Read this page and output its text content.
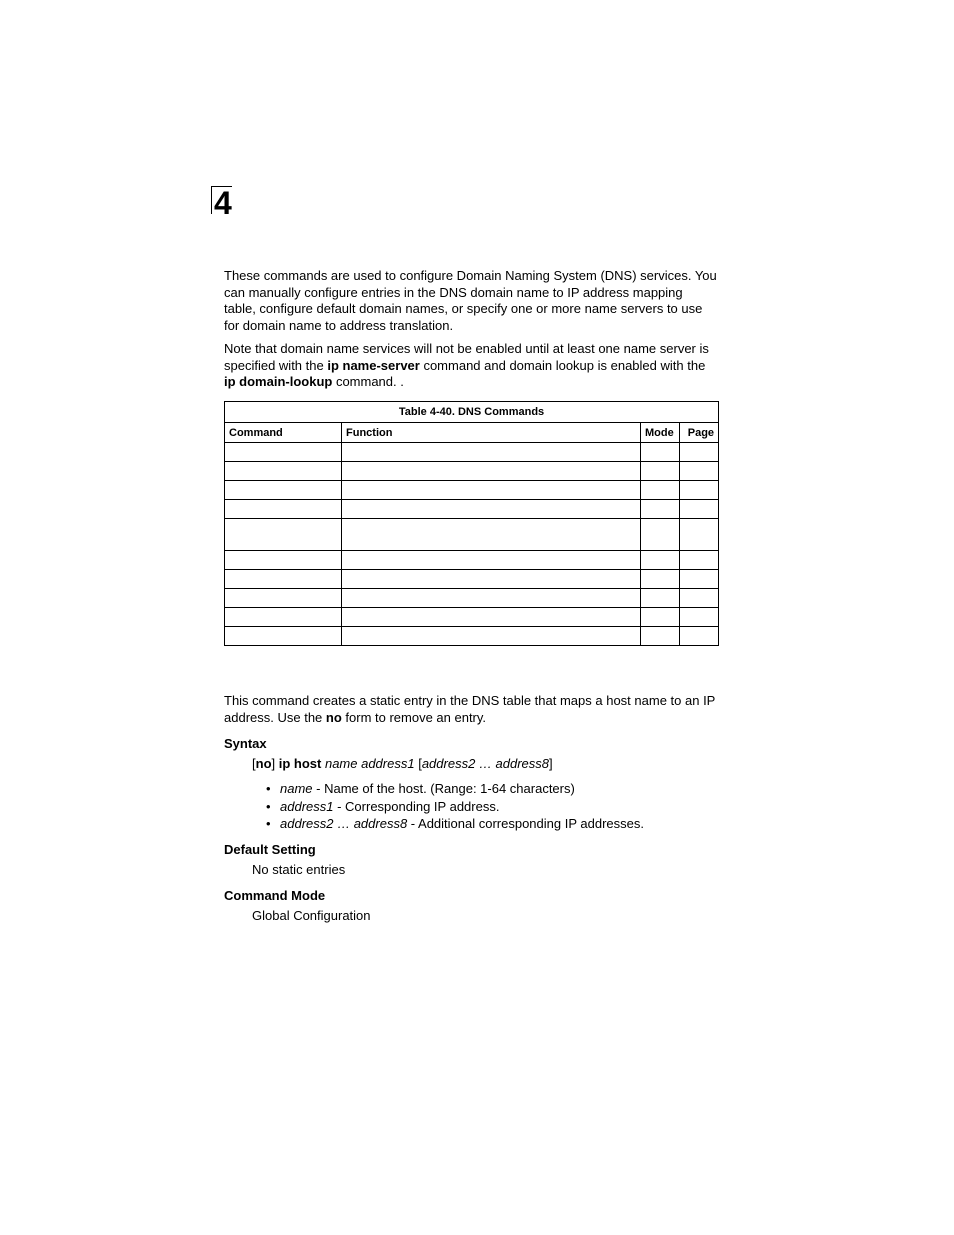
4

These commands are used to configure Domain Naming System (DNS) services. You can manually configure entries in the DNS domain name to IP address mapping table, configure default domain names, or specify one or more name servers to use for domain name to address translation.

Note that domain name services will not be enabled until at least one name server is specified with the ip name-server command and domain lookup is enabled with the ip domain-lookup command. .

Table 4-40. DNS Commands			
Command	Function	Mode	Page

This command creates a static entry in the DNS table that maps a host name to an IP address. Use the no form to remove an entry.

Syntax
[no] ip host name address1 [address2 … address8]
• name - Name of the host. (Range: 1-64 characters)
• address1 - Corresponding IP address.
• address2 … address8 - Additional corresponding IP addresses.
Default Setting
No static entries
Command Mode
Global Configuration
